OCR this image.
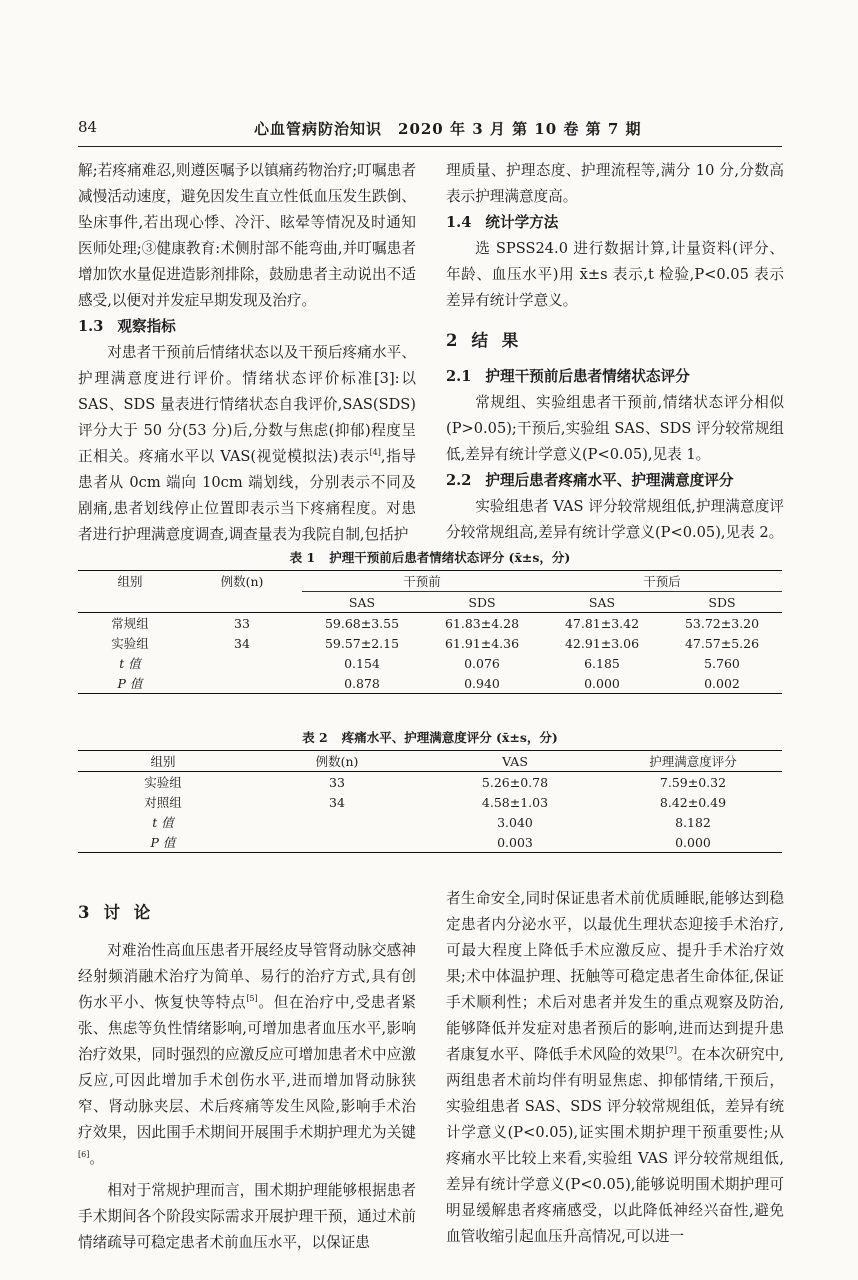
84	心血管病防治知识　2020 年 3 月 第 10 卷 第 7 期

解;若疼痛难忍,则遵医嘱予以镇痛药物治疗;叮嘱患者减慢活动速度，避免因发生直立性低血压发生跌倒、坠床事件,若出现心悸、冷汗、眩晕等情况及时通知医师处理;③健康教育:术侧肘部不能弯曲,并叮嘱患者增加饮水量促进造影剂排除，鼓励患者主动说出不适感受,以便对并发症早期发现及治疗。

1.3 观察指标

对患者干预前后情绪状态以及干预后疼痛水平、护理满意度进行评价。情绪状态评价标准[3]:以 SAS、SDS 量表进行情绪状态自我评价,SAS(SDS)评分大于 50 分(53 分)后,分数与焦虑(抑郁)程度呈正相关。疼痛水平以 VAS(视觉模拟法)表示[4],指导患者从 0cm 端向 10cm 端划线，分别表示不同及剧痛,患者划线停止位置即表示当下疼痛程度。对患者进行护理满意度调查,调查量表为我院自制,包括护

理质量、护理态度、护理流程等,满分 10 分,分数高表示护理满意度高。

1.4 统计学方法

选 SPSS24.0 进行数据计算,计量资料(评分、年龄、血压水平)用 x̄±s 表示,t 检验,P<0.05 表示差异有统计学意义。

2 结 果
2.1 护理干预前后患者情绪状态评分

常规组、实验组患者干预前,情绪状态评分相似(P>0.05);干预后,实验组 SAS、SDS 评分较常规组低,差异有统计学意义(P<0.05),见表 1。

2.2 护理后患者疼痛水平、护理满意度评分

实验组患者 VAS 评分较常规组低,护理满意度评分较常规组高,差异有统计学意义(P<0.05),见表 2。

表 1 护理干预前后患者情绪状态评分 (x̄±s，分)
组别	例数(n)	干预前		干预后	
		SAS	SDS	SAS	SDS
常规组	33	59.68±3.55	61.83±4.28	47.81±3.42	53.72±3.20
实验组	34	59.57±2.15	61.91±4.36	42.91±3.06	47.57±5.26
t 值		0.154	0.076	6.185	5.760
P 值		0.878	0.940	0.000	0.002
表 2 疼痛水平、护理满意度评分 (x̄±s，分)
组别	例数(n)	VAS	护理满意度评分
实验组	33	5.26±0.78	7.59±0.32
对照组	34	4.58±1.03	8.42±0.49
t 值		3.040	8.182
P 值		0.003	0.000
3 讨 论

对难治性高血压患者开展经皮导管肾动脉交感神经射频消融术治疗为简单、易行的治疗方式,具有创伤水平小、恢复快等特点[5]。但在治疗中,受患者紧张、焦虑等负性情绪影响,可增加患者血压水平,影响治疗效果，同时强烈的应激反应可增加患者术中应激反应,可因此增加手术创伤水平,进而增加肾动脉狭窄、肾动脉夹层、术后疼痛等发生风险,影响手术治疗效果，因此围手术期间开展围手术期护理尤为关键[6]。

相对于常规护理而言，围术期护理能够根据患者手术期间各个阶段实际需求开展护理干预，通过术前情绪疏导可稳定患者术前血压水平，以保证患

者生命安全,同时保证患者术前优质睡眠,能够达到稳定患者内分泌水平，以最优生理状态迎接手术治疗,可最大程度上降低手术应激反应、提升手术治疗效果;术中体温护理、抚触等可稳定患者生命体征,保证手术顺利性；术后对患者并发生的重点观察及防治,能够降低并发症对患者预后的影响,进而达到提升患者康复水平、降低手术风险的效果[7]。在本次研究中,两组患者术前均伴有明显焦虑、抑郁情绪,干预后，实验组患者 SAS、SDS 评分较常规组低，差异有统计学意义(P<0.05),证实围术期护理干预重要性;从疼痛水平比较上来看,实验组 VAS 评分较常规组低,差异有统计学意义(P<0.05),能够说明围术期护理可明显缓解患者疼痛感受，以此降低神经兴奋性,避免血管收缩引起血压升高情况,可以进一
